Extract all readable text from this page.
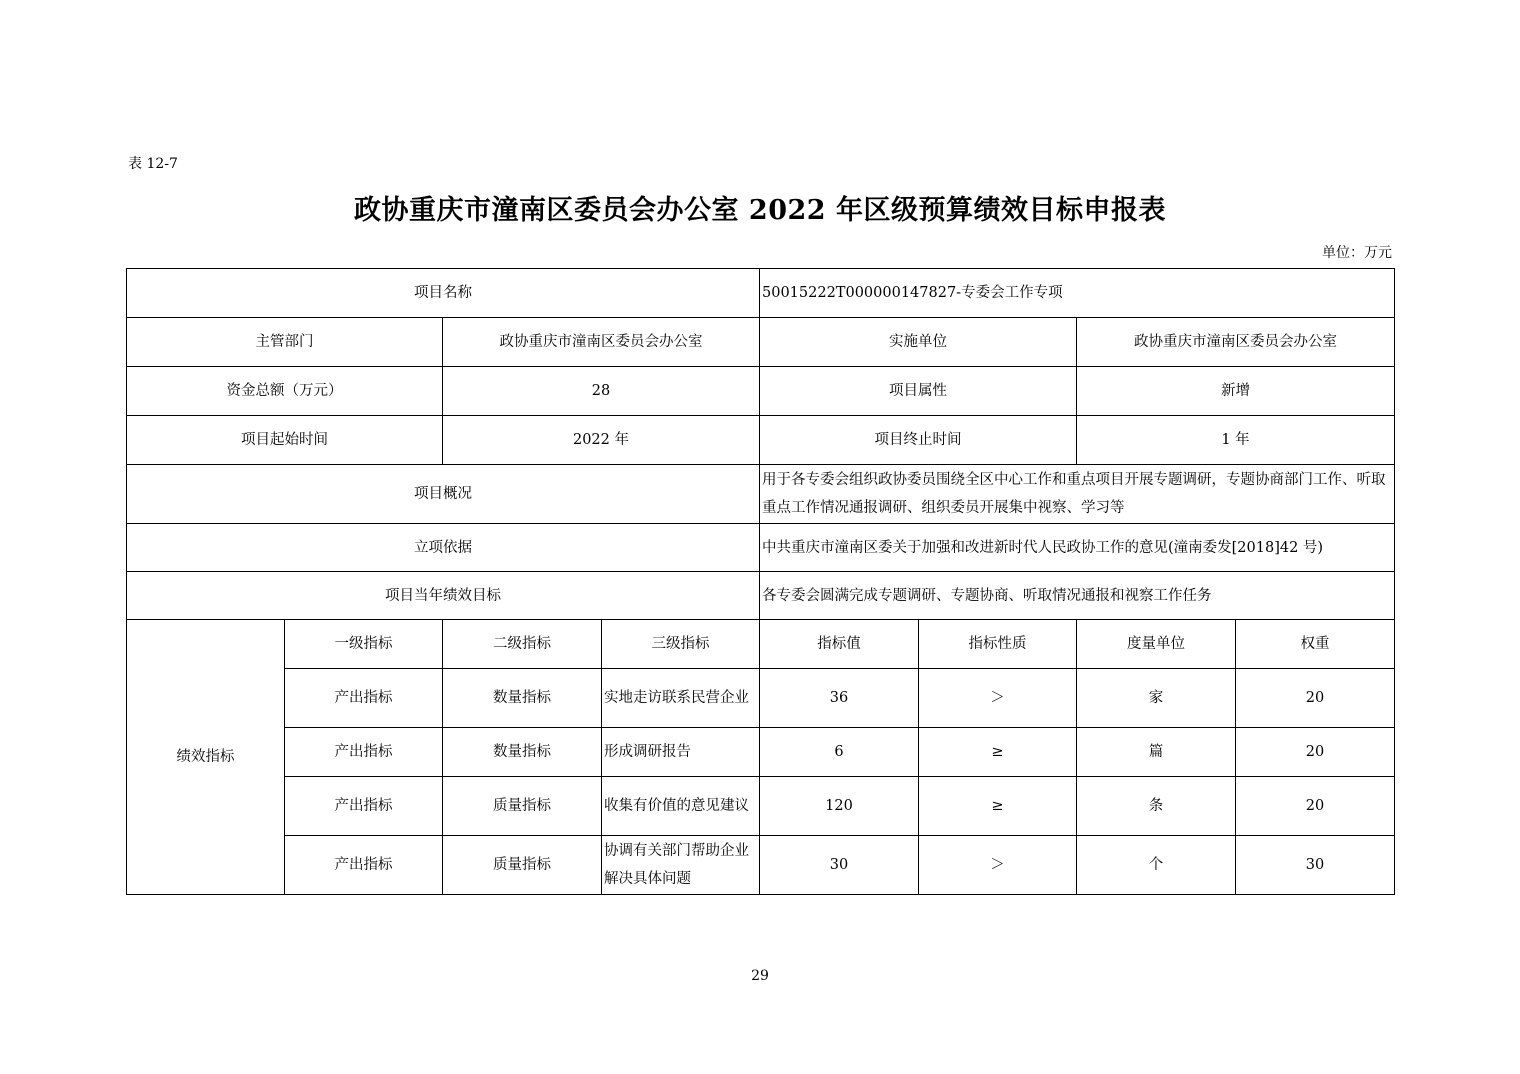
表 12-7
政协重庆市潼南区委员会办公室 2022 年区级预算绩效目标申报表
单位：万元
项目名称				50015222T000000147827-专委会工作专项			
主管部门		政协重庆市潼南区委员会办公室		实施单位		政协重庆市潼南区委员会办公室	
资金总额（万元）		28		项目属性		新增	
项目起始时间		2022 年		项目终止时间		1 年	
项目概况				用于各专委会组织政协委员围绕全区中心工作和重点项目开展专题调研，专题协商部门工作、听取重点工作情况通报调研、组织委员开展集中视察、学习等			
立项依据				中共重庆市潼南区委关于加强和改进新时代人民政协工作的意见(潼南委发[2018]42 号)			
项目当年绩效目标				各专委会圆满完成专题调研、专题协商、听取情况通报和视察工作任务			
绩效指标	一级指标	二级指标	三级指标	指标值	指标性质	度量单位	权重
	产出指标	数量指标	实地走访联系民营企业	36	＞	家	20
	产出指标	数量指标	形成调研报告	6	≥	篇	20
	产出指标	质量指标	收集有价值的意见建议	120	≥	条	20
	产出指标	质量指标	协调有关部门帮助企业解决具体问题	30	＞	个	30
29
